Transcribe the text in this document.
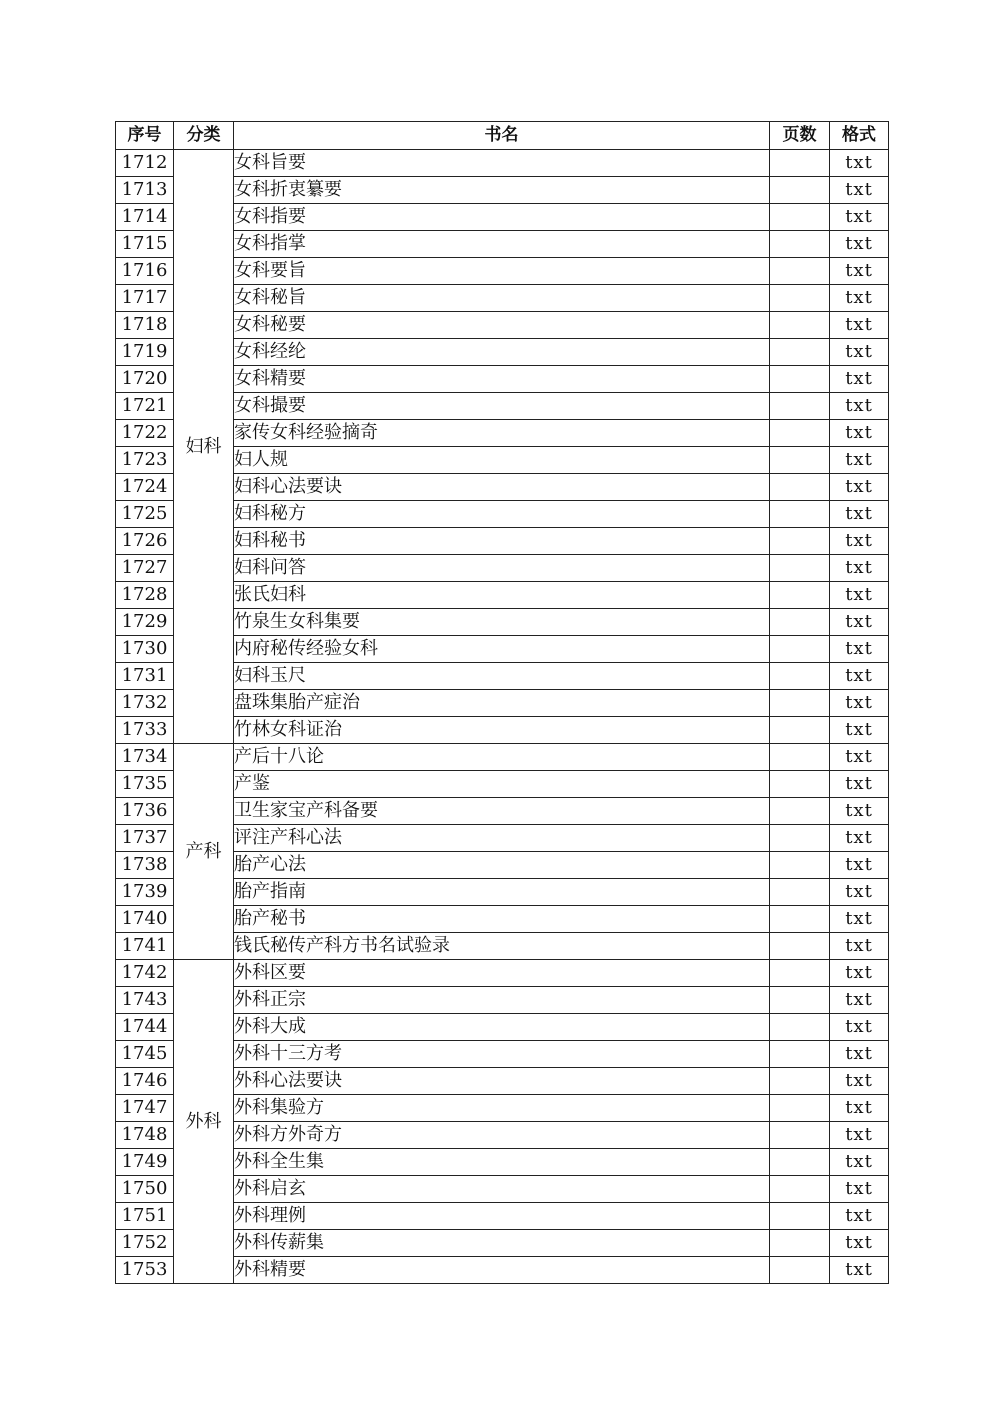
序号	分类	书名	页数	格式
1712	妇科	女科旨要		txt
1713		女科折衷纂要		txt
1714		女科指要		txt
1715		女科指掌		txt
1716		女科要旨		txt
1717		女科秘旨		txt
1718		女科秘要		txt
1719		女科经纶		txt
1720		女科精要		txt
1721		女科撮要		txt
1722		家传女科经验摘奇		txt
1723		妇人规		txt
1724		妇科心法要诀		txt
1725		妇科秘方		txt
1726		妇科秘书		txt
1727		妇科问答		txt
1728		张氏妇科		txt
1729		竹泉生女科集要		txt
1730		内府秘传经验女科		txt
1731		妇科玉尺		txt
1732		盘珠集胎产症治		txt
1733		竹林女科证治		txt
1734	产科	产后十八论		txt
1735		产鉴		txt
1736		卫生家宝产科备要		txt
1737		评注产科心法		txt
1738		胎产心法		txt
1739		胎产指南		txt
1740		胎产秘书		txt
1741		钱氏秘传产科方书名试验录		txt
1742	外科	外科区要		txt
1743		外科正宗		txt
1744		外科大成		txt
1745		外科十三方考		txt
1746		外科心法要诀		txt
1747		外科集验方		txt
1748		外科方外奇方		txt
1749		外科全生集		txt
1750		外科启玄		txt
1751		外科理例		txt
1752		外科传薪集		txt
1753		外科精要		txt
